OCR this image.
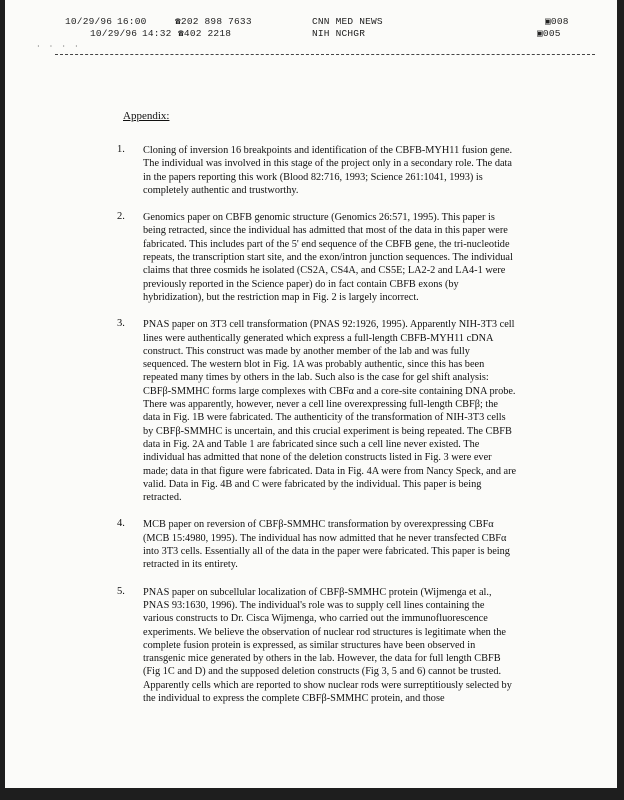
10/29/96 16:00	☎202 898 7633	CNN MED NEWS	▣008
10/29/96 14:32 ☎402 2218	NIH NCHGR	▣005
· · · ·
Appendix:
1. Cloning of inversion 16 breakpoints and identification of the CBFB-MYH11 fusion gene. The individual was involved in this stage of the project only in a secondary role. The data in the papers reporting this work (Blood 82:716, 1993; Science 261:1041, 1993) is completely authentic and trustworthy.
2. Genomics paper on CBFB genomic structure (Genomics 26:571, 1995). This paper is being retracted, since the individual has admitted that most of the data in this paper were fabricated. This includes part of the 5' end sequence of the CBFB gene, the tri-nucleotide repeats, the transcription start site, and the exon/intron junction sequences. The individual claims that three cosmids he isolated (CS2A, CS4A, and CS5E; LA2-2 and LA4-1 were previously reported in the Science paper) do in fact contain CBFB exons (by hybridization), but the restriction map in Fig. 2 is largely incorrect.
3. PNAS paper on 3T3 cell transformation (PNAS 92:1926, 1995). Apparently NIH-3T3 cell lines were authentically generated which express a full-length CBFB-MYH11 cDNA construct. This construct was made by another member of the lab and was fully sequenced. The western blot in Fig. 1A was probably authentic, since this has been repeated many times by others in the lab. Such also is the case for gel shift analysis: CBFβ-SMMHC forms large complexes with CBFα and a core-site containing DNA probe. There was apparently, however, never a cell line overexpressing full-length CBFβ; the data in Fig. 1B were fabricated. The authenticity of the transformation of NIH-3T3 cells by CBFβ-SMMHC is uncertain, and this crucial experiment is being repeated. The CBFB data in Fig. 2A and Table 1 are fabricated since such a cell line never existed. The individual has admitted that none of the deletion constructs listed in Fig. 3 were ever made; data in that figure were fabricated. Data in Fig. 4A were from Nancy Speck, and are valid. Data in Fig. 4B and C were fabricated by the individual. This paper is being retracted.
4. MCB paper on reversion of CBFβ-SMMHC transformation by overexpressing CBFα (MCB 15:4980, 1995). The individual has now admitted that he never transfected CBFα into 3T3 cells. Essentially all of the data in the paper were fabricated. This paper is being retracted in its entirety.
5. PNAS paper on subcellular localization of CBFβ-SMMHC protein (Wijmenga et al., PNAS 93:1630, 1996). The individual's role was to supply cell lines containing the various constructs to Dr. Cisca Wijmenga, who carried out the immunofluorescence experiments. We believe the observation of nuclear rod structures is legitimate when the complete fusion protein is expressed, as similar structures have been observed in transgenic mice generated by others in the lab. However, the data for full length CBFB (Fig 1C and D) and the supposed deletion constructs (Fig 3, 5 and 6) cannot be trusted. Apparently cells which are reported to show nuclear rods were surreptitiously selected by the individual to express the complete CBFβ-SMMHC protein, and those
